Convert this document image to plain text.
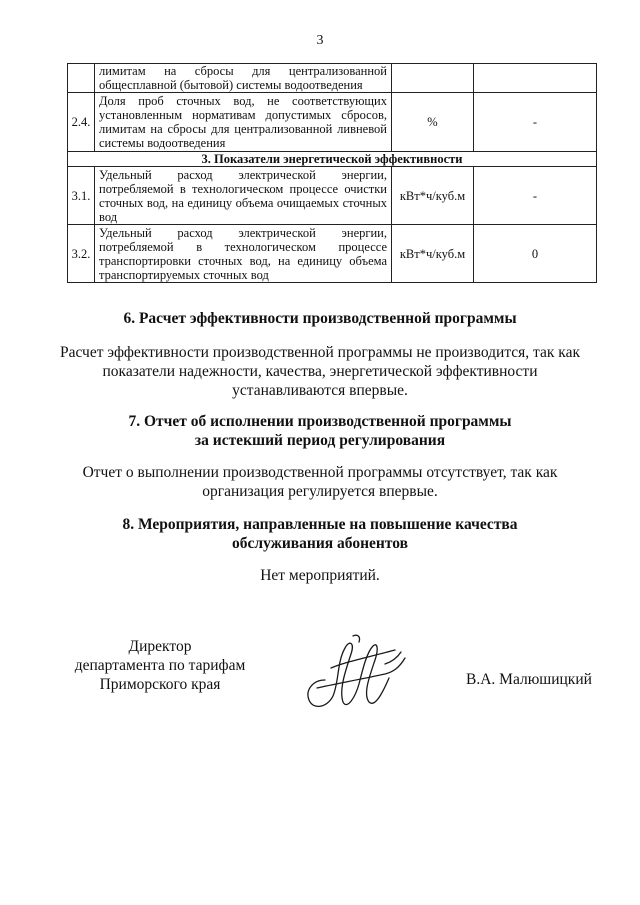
3
	лимитам на сбросы для централизованной общесплавной (бытовой) системы водоотведения		
2.4.	Доля проб сточных вод, не соответствующих установленным нормативам допустимых сбросов, лимитам на сбросы для централизованной ливневой системы водоотведения	%	-
3. Показатели энергетической эффективности			
3.1.	Удельный расход электрической энергии, потребляемой в технологическом процессе очистки сточных вод, на единицу объема очищаемых сточных вод	кВт*ч/куб.м	-
3.2.	Удельный расход электрической энергии, потребляемой в технологическом процессе транспортировки сточных вод, на единицу объема транспортируемых сточных вод	кВт*ч/куб.м	0
6. Расчет эффективности производственной программы
Расчет эффективности производственной программы не производится, так как
показатели надежности, качества, энергетической эффективности
устанавливаются впервые.
7. Отчет об исполнении производственной программы
за истекший период регулирования
Отчет о выполнении производственной программы отсутствует, так как
организация регулируется впервые.
8. Мероприятия, направленные на повышение качества
обслуживания абонентов
Нет мероприятий.
Директор
департамента по тарифам
Приморского края	В.А. Малюшицкий
